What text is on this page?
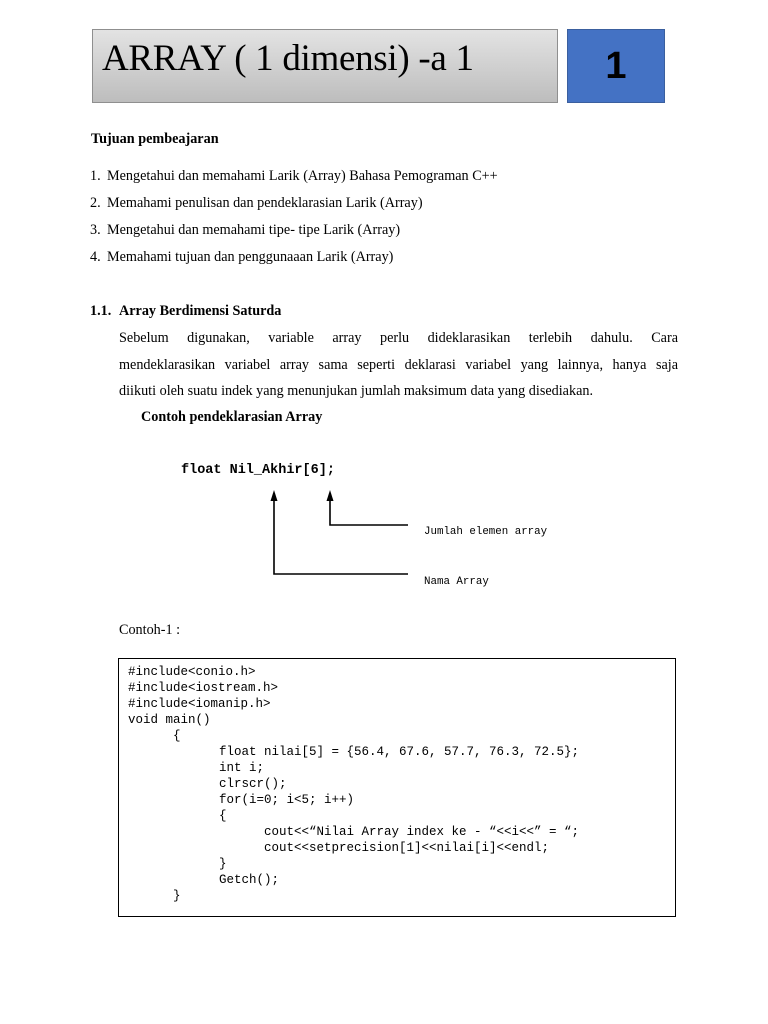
ARRAY ( 1 dimensi) -a 1	1
Tujuan pembeajaran
1. Mengetahui dan memahami Larik (Array) Bahasa Pemograman C++
2. Memahami penulisan dan pendeklarasian Larik (Array)
3. Mengetahui dan memahami tipe- tipe Larik (Array)
4. Memahami tujuan dan penggunaaan Larik (Array)
1.1. Array Berdimensi Saturda
Sebelum digunakan, variable array perlu dideklarasikan terlebih dahulu. Cara
mendeklarasikan variabel array sama seperti deklarasi variabel yang lainnya, hanya saja
diikuti oleh suatu indek yang menunjukan jumlah maksimum data yang disediakan.
Contoh pendeklarasian Array
float Nil_Akhir[6];
Jumlah elemen array
Nama Array
Contoh-1 :
#include<conio.h>
#include<iostream.h>
#include<iomanip.h>
void main()
{
float nilai[5] = {56.4, 67.6, 57.7, 76.3, 72.5};
int i;
clrscr();
for(i=0; i<5; i++)
{
cout<<“Nilai Array index ke - “<<i<<” = “;
cout<<setprecision[1]<<nilai[i]<<endl;
}
Getch();
}
